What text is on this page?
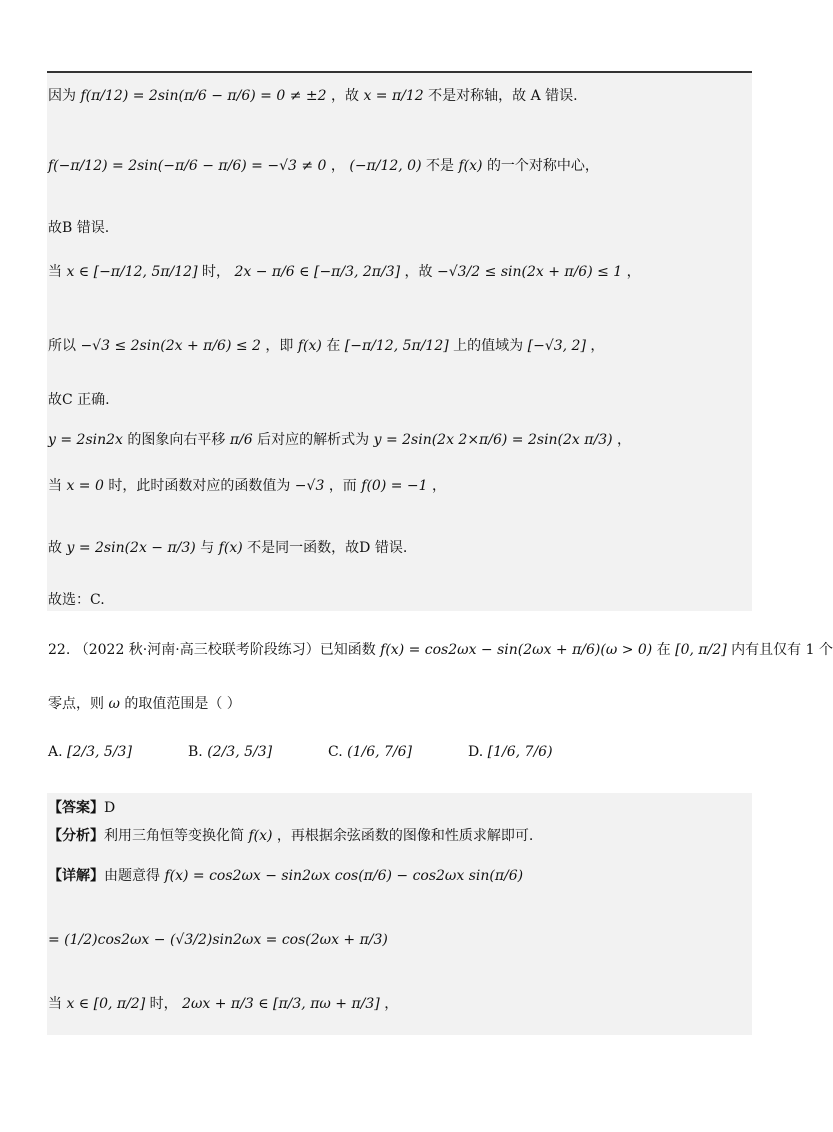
因为 f(π/12) = 2sin(π/6 − π/6) = 0 ≠ ±2 ，故 x = π/12 不是对称轴，故 A 错误.
f(−π/12) = 2sin(−π/6 − π/6) = −√3 ≠ 0 ， (−π/12, 0) 不是 f(x) 的一个对称中心，
故B 错误.
当 x ∈ [−π/12, 5π/12] 时， 2x − π/6 ∈ [−π/3, 2π/3] ，故 −√3/2 ≤ sin(2x + π/6) ≤ 1 ，
所以 −√3 ≤ 2sin(2x + π/6) ≤ 2 ，即 f(x) 在 [−π/12, 5π/12] 上的值域为 [−√3, 2] ，
故C 正确.
y = 2sin2x 的图象向右平移 π/6 后对应的解析式为 y = 2sin(2x 2×π/6) = 2sin(2x π/3) ，
当 x = 0 时，此时函数对应的函数值为 −√3 ，而 f(0) = −1 ，
故 y = 2sin(2x − π/3) 与 f(x) 不是同一函数，故D 错误.
故选：C.
22. （2022 秋·河南·高三校联考阶段练习）已知函数 f(x) = cos2ωx − sin(2ωx + π/6)(ω > 0) 在 [0, π/2] 内有且仅有 1 个
零点，则 ω 的取值范围是（ ）
A. [2/3, 5/3]	B. (2/3, 5/3]	C. (1/6, 7/6]	D. [1/6, 7/6)
【答案】D
【分析】利用三角恒等变换化简 f(x) ，再根据余弦函数的图像和性质求解即可.
【详解】由题意得 f(x) = cos2ωx − sin2ωx cos(π/6) − cos2ωx sin(π/6)
= (1/2)cos2ωx − (√3/2)sin2ωx = cos(2ωx + π/3)
当 x ∈ [0, π/2] 时， 2ωx + π/3 ∈ [π/3, πω + π/3] ，
